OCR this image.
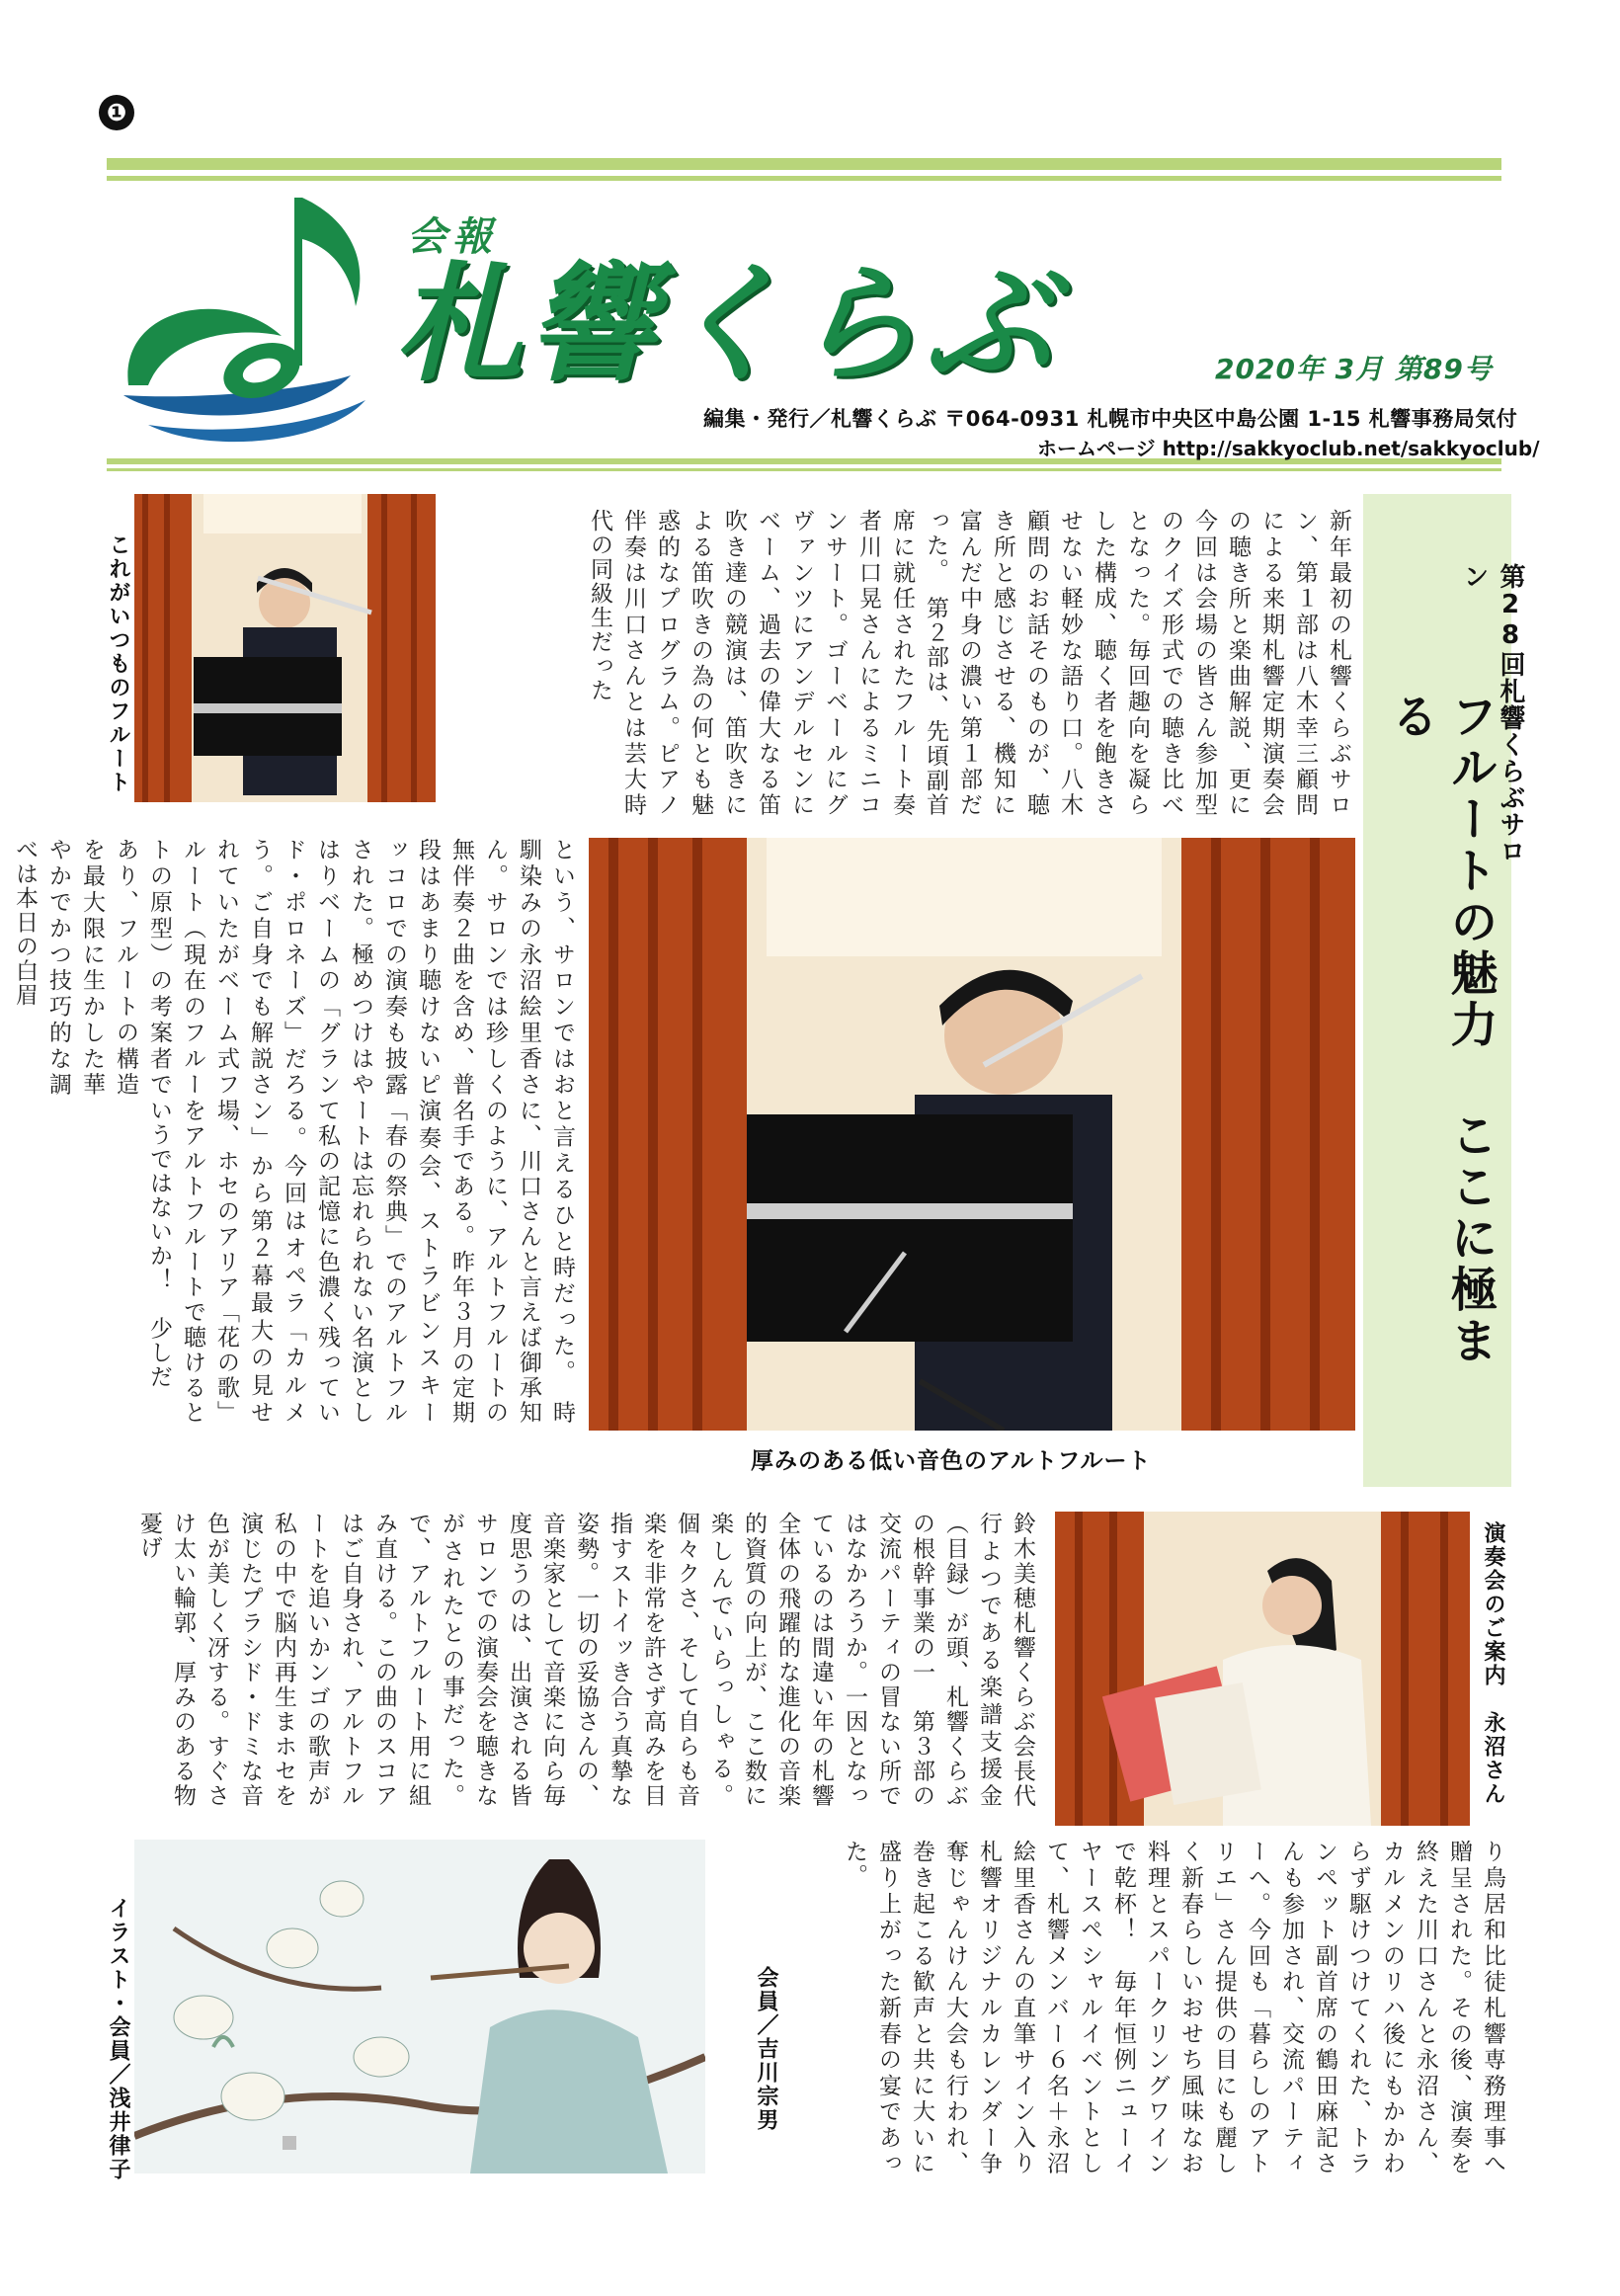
❶
会報
札響くらぶ	2020年 3月 第89号
編集・発行／札響くらぶ 〒064-0931 札幌市中央区中島公園 1-15 札響事務局気付
ホームページ http://sakkyoclub.net/sakkyoclub/
第28回札響くらぶサロン
フルートの魅力 ここに極まる
これがいつものフルート	新年最初の札響くらぶサロン、第１部は八木幸三顧問による来期札響定期演奏会の聴き所と楽曲解説、更に今回は会場の皆さん参加型のクイズ形式での聴き比べとなった。毎回趣向を凝らした構成、聴く者を飽きさせない軽妙な語り口。八木顧問のお話そのものが、聴き所と感じさせる、機知に富んだ中身の濃い第１部だった。　第２部は、先頃副首席に就任されたフルート奏者川口晃さんによるミニコンサート。ゴーベールにグヴァンツにアンデルセンにベーム、過去の偉大なる笛吹き達の競演は、笛吹きによる笛吹きの為の何とも魅惑的なプログラム。ピアノ伴奏は川口さんとは芸大時代の同級生だった
厚みのある低い音色のアルトフルート
という、サロンではお馴染みの永沼絵里香さん。サロンでは珍しく無伴奏２曲を含め、普段はあまり聴けないピッコロでの演奏も披露された。極めつけはやはりベームの「グランド・ポロネーズ」だろう。ご自身でも解説されていたがベーム式フルート（現在のフルートの原型）の考案者であり、フルートの構造を最大限に生かした華やかでかつ技巧的な調べは本日の白眉
と言えるひと時だった。　時に、川口さんと言えば御承知のように、アルトフルートの名手である。昨年３月の定期演奏会、ストラビンスキー「春の祭典」でのアルトフルートは忘れられない名演として私の記憶に色濃く残っている。今回はオペラ「カルメン」から第２幕最大の見せ場、ホセのアリア「花の歌」をアルトフルートで聴けるというではないか！　少しだ
演奏会のご案内　永沼さん
鈴木美穂札響くらぶ会長代行よつである楽譜支援金（目録）が頭、札響くらぶの根幹事業の一　第３部の交流パーティの冒ない所ではなかろうか。一因となっているのは間違い年の札響全体の飛躍的な進化の音楽的資質の向上が、ここ数に楽しんでいらっしゃる。個々クさ、そして自らも音楽を非常を許さず高みを目指すストイッき合う真摯な姿勢。一切の妥協さんの、音楽家として音楽に向ら毎度思うのは、出演される皆　サロンでの演奏会を聴きながされたとの事だった。で、アルトフルート用に組み直ける。この曲のスコアはご自身され、アルトフルートを追いかンゴの歌声が私の中で脳内再生まホセを演じたプラシド・ドミな音色が美しく冴する。すぐさけ太い輪郭、厚みのある物憂げ
イラスト・会員／浅井律子	会員／吉川宗男	り鳥居和比徒札響専務理事へ贈呈された。その後、演奏を終えた川口さんと永沼さん、カルメンのリハ後にもかかわらず駆けつけてくれた、トランペット副首席の鶴田麻記さんも参加され、交流パーティーへ。今回も「暮らしのアトリエ」さん提供の目にも麗しく新春らしいおせち風味なお料理とスパークリングワインで乾杯！　毎年恒例ニューイヤースペシャルイベントとして、札響メンバー６名＋永沼絵里香さんの直筆サイン入り札響オリジナルカレンダー争奪じゃんけん大会も行われ、巻き起こる歓声と共に大いに盛り上がった新春の宴であった。
